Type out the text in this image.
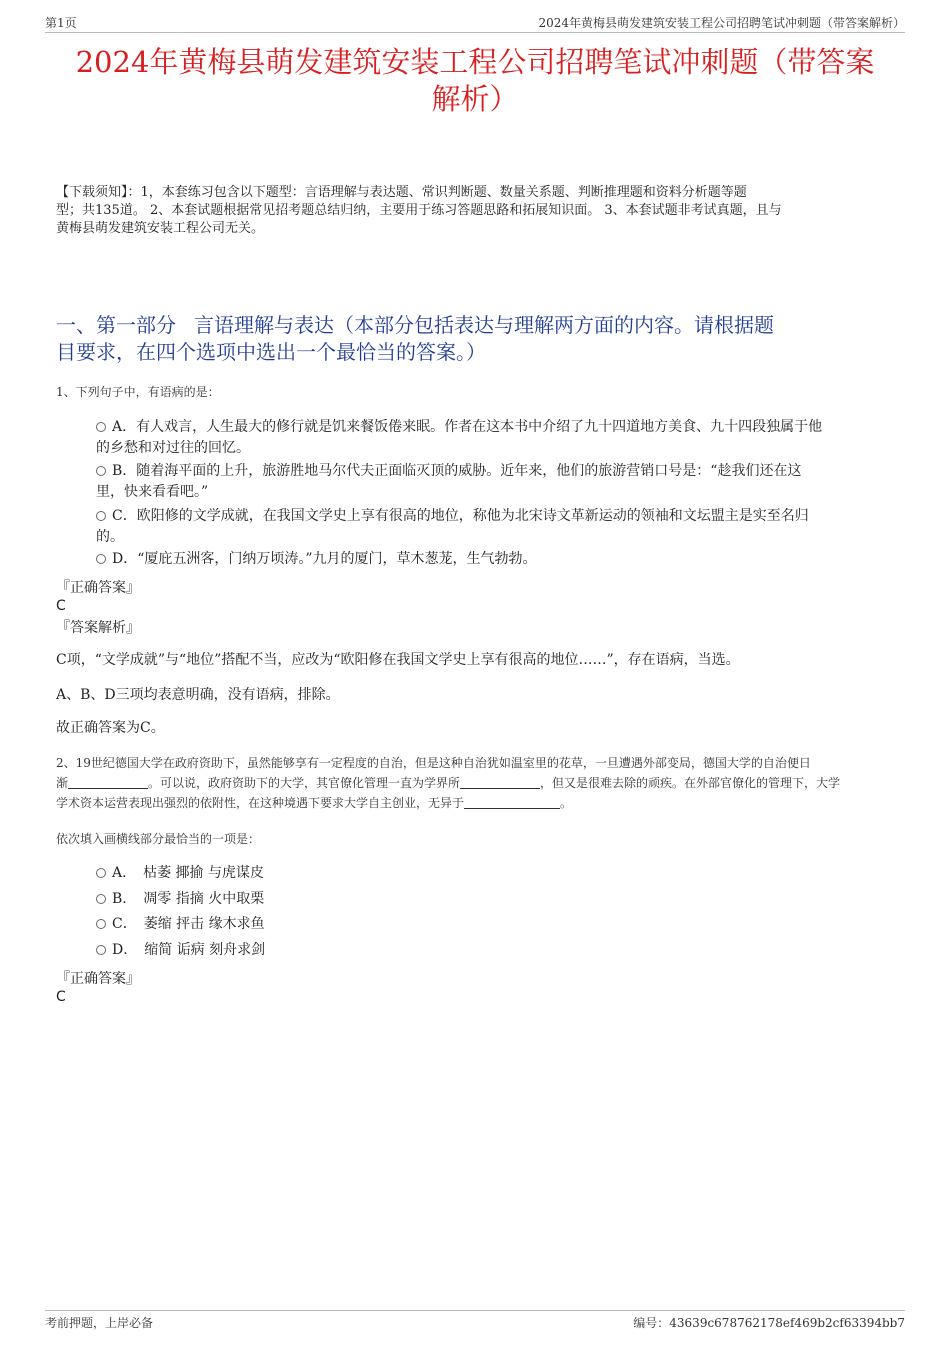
第1页	2024年黄梅县萌发建筑安装工程公司招聘笔试冲刺题（带答案解析）
2024年黄梅县萌发建筑安装工程公司招聘笔试冲刺题（带答案
解析）
【下载须知】：1，本套练习包含以下题型：言语理解与表达题、常识判断题、数量关系题、判断推理题和资料分析题等题
型；共135道。 2、本套试题根据常见招考题总结归纳，主要用于练习答题思路和拓展知识面。 3、本套试题非考试真题，且与
黄梅县萌发建筑安装工程公司无关。
一、第一部分 言语理解与表达（本部分包括表达与理解两方面的内容。请根据题
目要求，在四个选项中选出一个最恰当的答案。）
1、下列句子中，有语病的是：
A．有人戏言，人生最大的修行就是饥来餐饭倦来眠。作者在这本书中介绍了九十四道地方美食、九十四段独属于他
的乡愁和对过往的回忆。
B．随着海平面的上升，旅游胜地马尔代夫正面临灭顶的威胁。近年来，他们的旅游营销口号是：“趁我们还在这
里，快来看看吧。”
C．欧阳修的文学成就，在我国文学史上享有很高的地位，称他为北宋诗文革新运动的领袖和文坛盟主是实至名归
的。
D．“厦庇五洲客，门纳万顷涛。”九月的厦门，草木葱茏，生气勃勃。
『正确答案』
C
『答案解析』
C项，“文学成就”与“地位”搭配不当，应改为“欧阳修在我国文学史上享有很高的地位……”，存在语病，当选。
A、B、D三项均表意明确，没有语病，排除。
故正确答案为C。
2、19世纪德国大学在政府资助下，虽然能够享有一定程度的自治，但是这种自治犹如温室里的花草，一旦遭遇外部变局，德国大学的自治便日
渐	。可以说，政府资助下的大学，其官僚化管理一直为学界所	，但又是很难去除的顽疾。在外部官僚化的管理下，大学
学术资本运营表现出强烈的依附性，在这种境遇下要求大学自主创业，无异于	。
依次填入画横线部分最恰当的一项是：
A．　枯萎 揶揄 与虎谋皮
B．　凋零 指摘 火中取栗
C．　萎缩 抨击 缘木求鱼
D．　缩简 诟病 刻舟求剑
『正确答案』
C
考前押题，上岸必备	编号：43639c678762178ef469b2cf63394bb7
